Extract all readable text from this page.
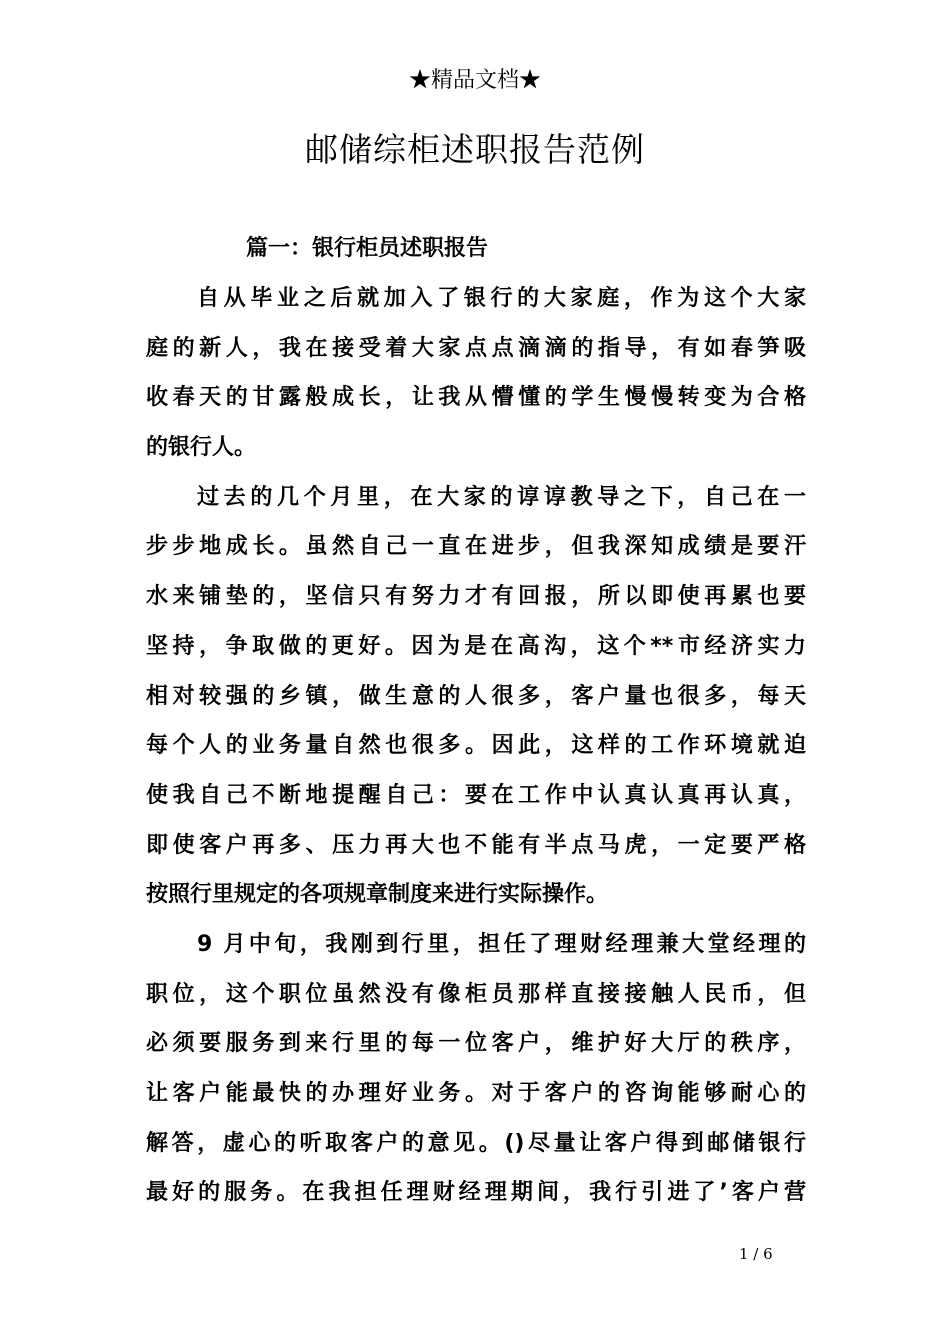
★精品文档★
邮储综柜述职报告范例
篇一：银行柜员述职报告
自从毕业之后就加入了银行的大家庭，作为这个大家
庭的新人，我在接受着大家点点滴滴的指导，有如春笋吸
收春天的甘露般成长，让我从懵懂的学生慢慢转变为合格
的银行人。
过去的几个月里，在大家的谆谆教导之下，自己在一
步步地成长。虽然自己一直在进步，但我深知成绩是要汗
水来铺垫的，坚信只有努力才有回报，所以即使再累也要
坚持，争取做的更好。因为是在高沟，这个**市经济实力
相对较强的乡镇，做生意的人很多，客户量也很多，每天
每个人的业务量自然也很多。因此，这样的工作环境就迫
使我自己不断地提醒自己：要在工作中认真认真再认真，
即使客户再多、压力再大也不能有半点马虎，一定要严格
按照行里规定的各项规章制度来进行实际操作。
9 月中旬，我刚到行里，担任了理财经理兼大堂经理的
职位，这个职位虽然没有像柜员那样直接接触人民币，但
必须要服务到来行里的每一位客户，维护好大厅的秩序，
让客户能最快的办理好业务。对于客户的咨询能够耐心的
解答，虚心的听取客户的意见。()尽量让客户得到邮储银行
最好的服务。在我担任理财经理期间，我行引进了’客户营
1 / 6
